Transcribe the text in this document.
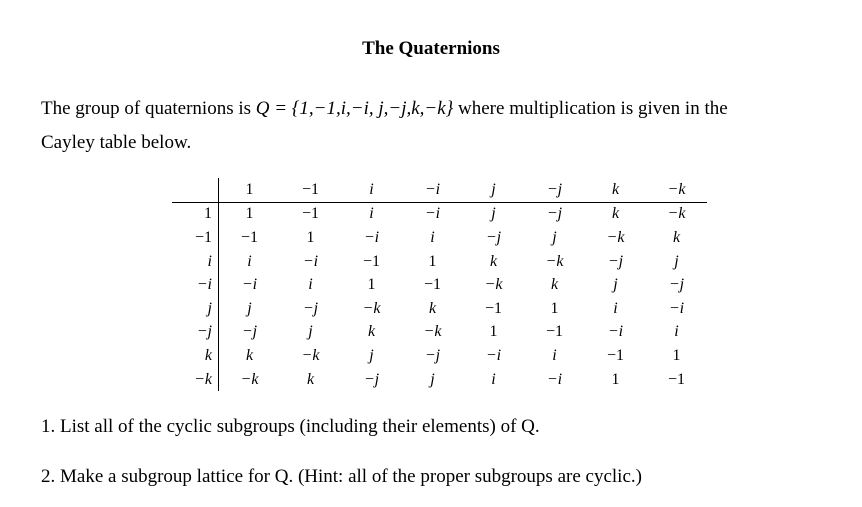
The Quaternions
The group of quaternions is Q = {1,−1,i,−i, j,−j,k,−k} where multiplication is given in the
Cayley table below.
	1	−1	i	−i	j	−j	k	−k
1	1	−1	i	−i	j	−j	k	−k
−1	−1	1	−i	i	−j	j	−k	k
i	i	−i	−1	1	k	−k	−j	j
−i	−i	i	1	−1	−k	k	j	−j
j	j	−j	−k	k	−1	1	i	−i
−j	−j	j	k	−k	1	−1	−i	i
k	k	−k	j	−j	−i	i	−1	1
−k	−k	k	−j	j	i	−i	1	−1
1. List all of the cyclic subgroups (including their elements) of Q.
2. Make a subgroup lattice for Q. (Hint: all of the proper subgroups are cyclic.)
